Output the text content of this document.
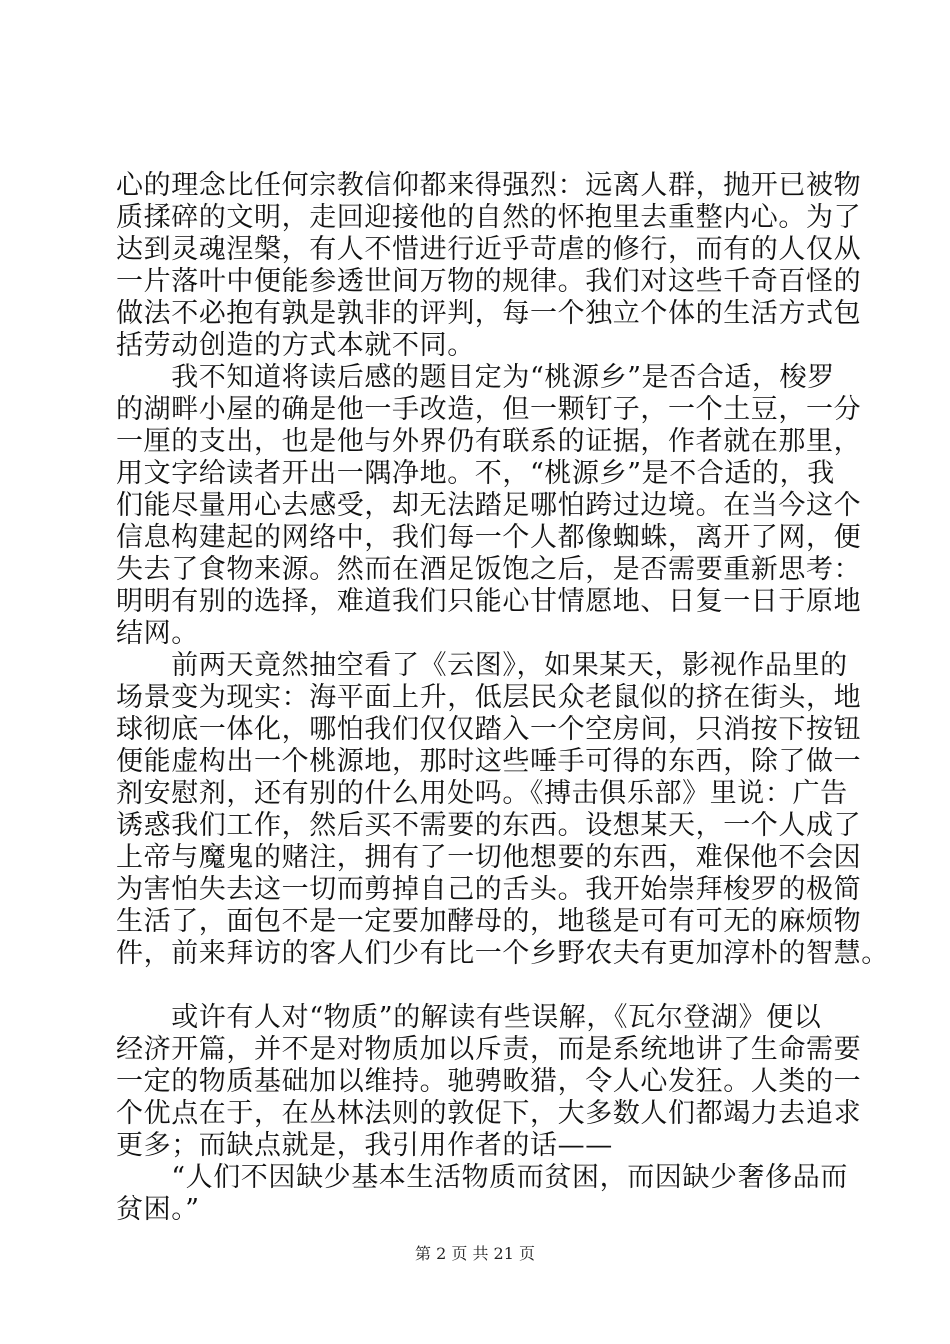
心的理念比任何宗教信仰都来得强烈：远离人群，抛开已被物
质揉碎的文明，走回迎接他的自然的怀抱里去重整内心。为了
达到灵魂涅槃，有人不惜进行近乎苛虐的修行，而有的人仅从
一片落叶中便能参透世间万物的规律。我们对这些千奇百怪的
做法不必抱有孰是孰非的评判，每一个独立个体的生活方式包
括劳动创造的方式本就不同。
　　我不知道将读后感的题目定为“桃源乡”是否合适，梭罗
的湖畔小屋的确是他一手改造，但一颗钉子，一个土豆，一分
一厘的支出，也是他与外界仍有联系的证据，作者就在那里，
用文字给读者开出一隅净地。不，“桃源乡”是不合适的，我
们能尽量用心去感受，却无法踏足哪怕跨过边境。在当今这个
信息构建起的网络中，我们每一个人都像蜘蛛，离开了网，便
失去了食物来源。然而在酒足饭饱之后，是否需要重新思考：
明明有别的选择，难道我们只能心甘情愿地、日复一日于原地
结网。
　　前两天竟然抽空看了《云图》，如果某天，影视作品里的
场景变为现实：海平面上升，低层民众老鼠似的挤在街头，地
球彻底一体化，哪怕我们仅仅踏入一个空房间，只消按下按钮
便能虚构出一个桃源地，那时这些唾手可得的东西，除了做一
剂安慰剂，还有别的什么用处吗。《搏击俱乐部》里说：广告
诱惑我们工作，然后买不需要的东西。设想某天，一个人成了
上帝与魔鬼的赌注，拥有了一切他想要的东西，难保他不会因
为害怕失去这一切而剪掉自己的舌头。我开始崇拜梭罗的极简
生活了，面包不是一定要加酵母的，地毯是可有可无的麻烦物
件，前来拜访的客人们少有比一个乡野农夫有更加淳朴的智慧。
　　或许有人对“物质”的解读有些误解，《瓦尔登湖》便以
经济开篇，并不是对物质加以斥责，而是系统地讲了生命需要
一定的物质基础加以维持。驰骋畋猎，令人心发狂。人类的一
个优点在于，在丛林法则的敦促下，大多数人们都竭力去追求
更多；而缺点就是，我引用作者的话——
　　“人们不因缺少基本生活物质而贫困，而因缺少奢侈品而
贫困。”
第 2 页 共 21 页
